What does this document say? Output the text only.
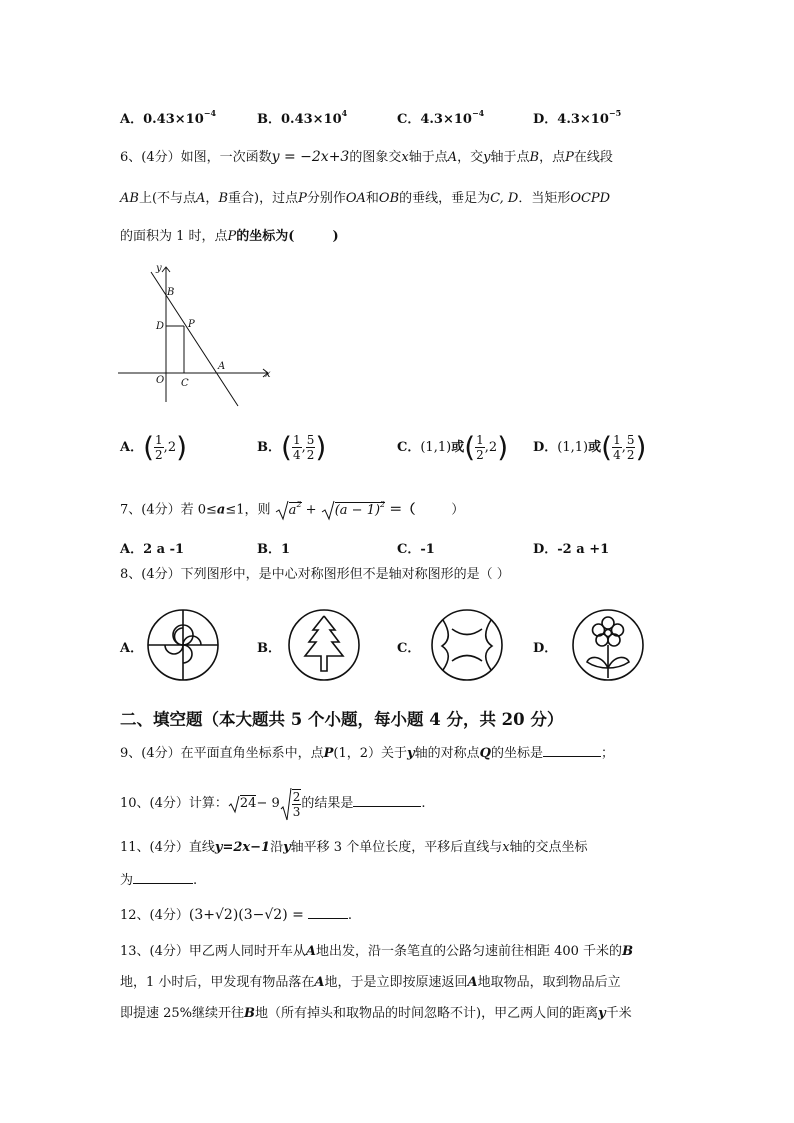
A．$0.43\times 10^{-4}$	B．$0.43\times 10^4$	C．$4.3\times 10^{-4}$	D．$4.3\times 10^{-5}$
6、(4分）如图，一次函数y = −2x+3的图象交x轴于点A，交y轴于点B，点P在线段
AB上(不与点A，B重合)，过点P分别作OA和OB的垂线，垂足为C, D．当矩形OCPD
的面积为 1 时，点P的坐标为(	)
y
x
B
D P
O C
A
A．( $\frac{1}{2} ,2$)	B．( $\frac{1}{4}$ , $\frac{5}{2}$ )	C．(1,1)或( $\frac{1}{2} ,2$) D．(1,1)或( $\frac{1}{4}$ , $\frac{5}{2}$ )
7、(4分）若 0≤a≤1，则 $a^2 + (a - 1)^2$ ＝（	）
A．2 a -1	B．1	C．-1	D．-2 a +1
8、(4分）下列图形中，是中心对称图形但不是轴对称图形的是（ ）
A．	B．	C．	D．
二、填空题（本大题共 5 个小题，每小题 4 分，共 20 分）
9、(4分）在平面直角坐标系中，点P(1，2）关于y轴的对称点Q的坐标是	；
10、(4分）计算： $24- 9 \frac{2}{3}$ 的结果是	.
11、(4分）直线y=2x−1沿y轴平移 3 个单位长度，平移后直线与x轴的交点坐标
为	.
12、(4分）(3+√2)(3−√2) =	.
13、(4分）甲乙两人同时开车从A地出发，沿一条笔直的公路匀速前往相距 400 千米的B
地，1 小时后，甲发现有物品落在A地，于是立即按原速返回A地取物品，取到物品后立
即提速 25%继续开往B地（所有掉头和取物品的时间忽略不计)，甲乙两人间的距离y千米
